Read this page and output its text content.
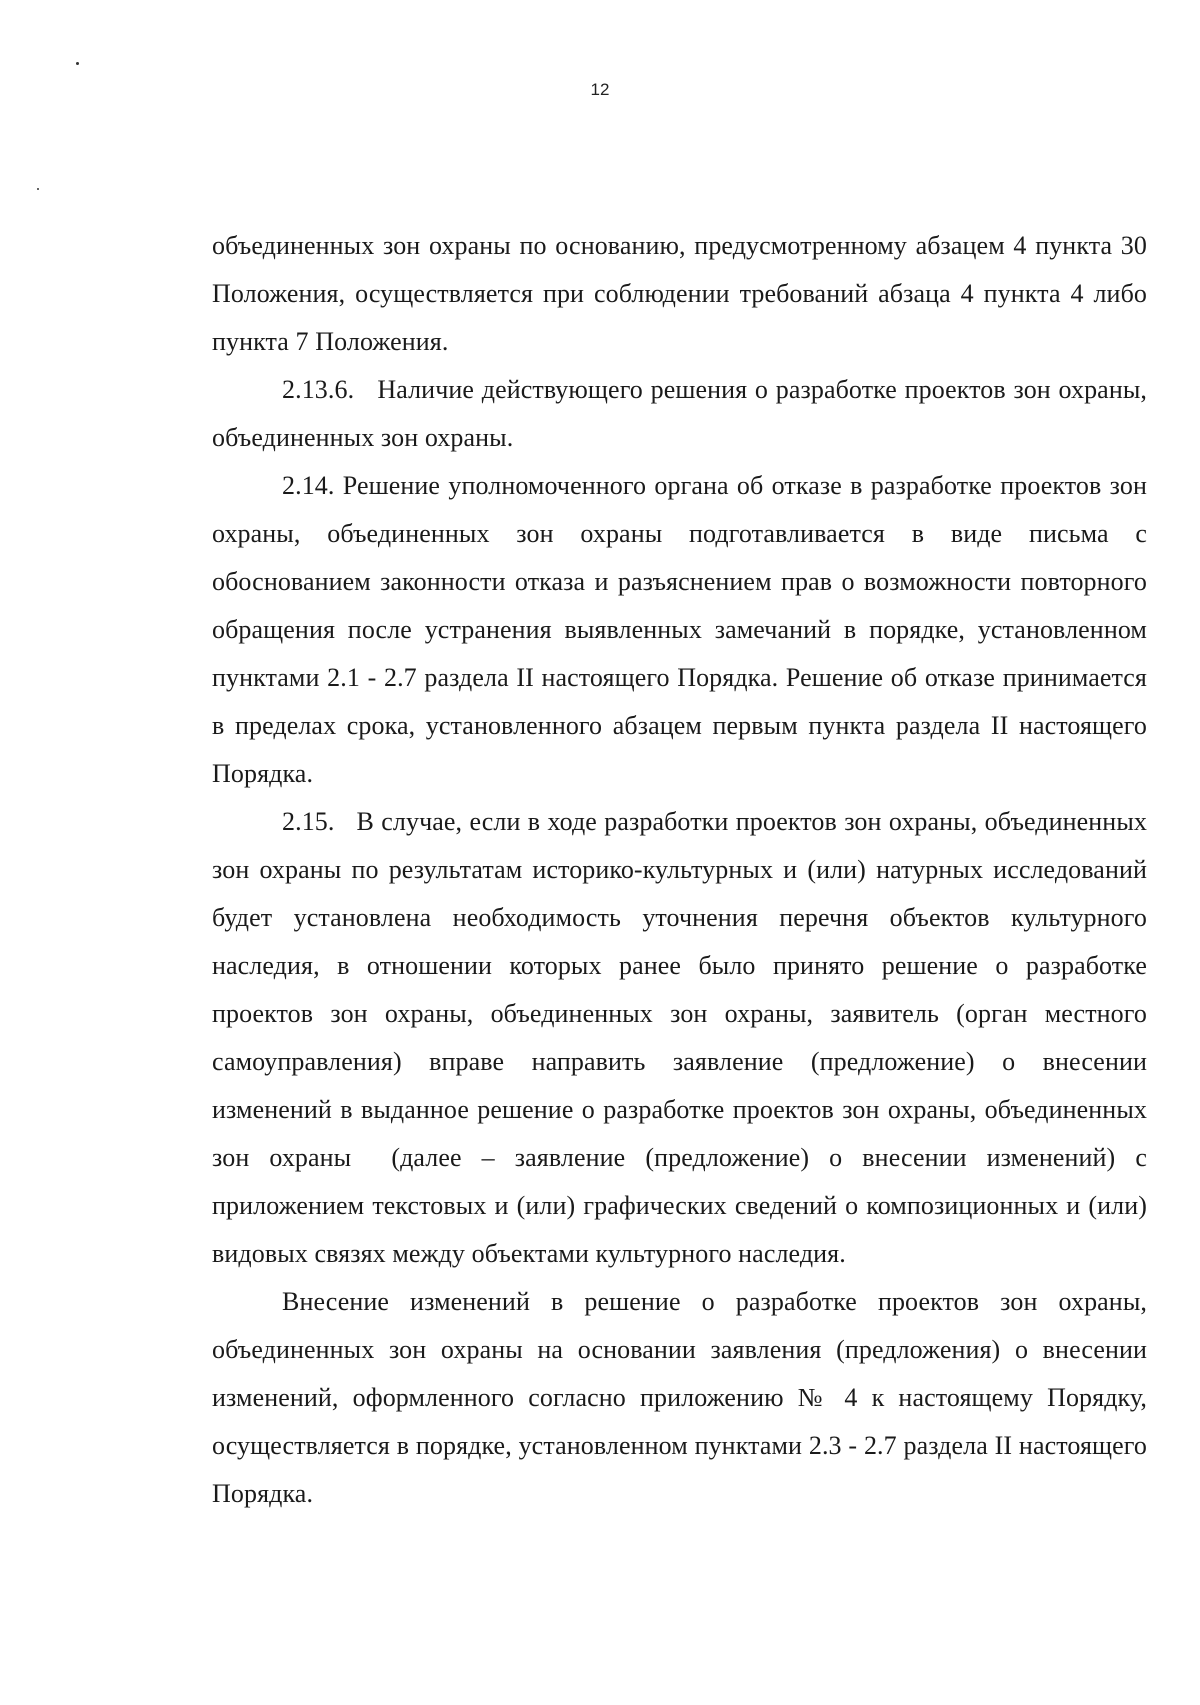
12

объединенных зон охраны по основанию, предусмотренному абзацем 4 пункта 30 Положения, осуществляется при соблюдении требований абзаца 4 пункта 4 либо пункта 7 Положения.

2.13.6.   Наличие действующего решения о разработке проектов зон охраны, объединенных зон охраны.

2.14. Решение уполномоченного органа об отказе в разработке проектов зон охраны, объединенных зон охраны подготавливается в виде письма с обоснованием законности отказа и разъяснением прав о возможности повторного обращения после устранения выявленных замечаний в порядке, установленном пунктами 2.1 - 2.7 раздела II настоящего Порядка. Решение об отказе принимается в пределах срока, установленного абзацем первым пункта раздела II настоящего Порядка.

2.15.   В случае, если в ходе разработки проектов зон охраны, объединенных зон охраны по результатам историко-культурных и (или) натурных исследований будет установлена необходимость уточнения перечня объектов культурного наследия, в отношении которых ранее было принято решение о разработке проектов зон охраны, объединенных зон охраны, заявитель (орган местного самоуправления) вправе направить заявление (предложение) о внесении изменений в выданное решение о разработке проектов зон охраны, объединенных зон охраны  (далее – заявление (предложение) о внесении изменений) с приложением текстовых и (или) графических сведений о композиционных и (или) видовых связях между объектами культурного наследия.

Внесение изменений в решение о разработке проектов зон охраны, объединенных зон охраны на основании заявления (предложения) о внесении изменений, оформленного согласно приложению № 4 к настоящему Порядку, осуществляется в порядке, установленном пунктами 2.3 - 2.7 раздела II настоящего Порядка.
